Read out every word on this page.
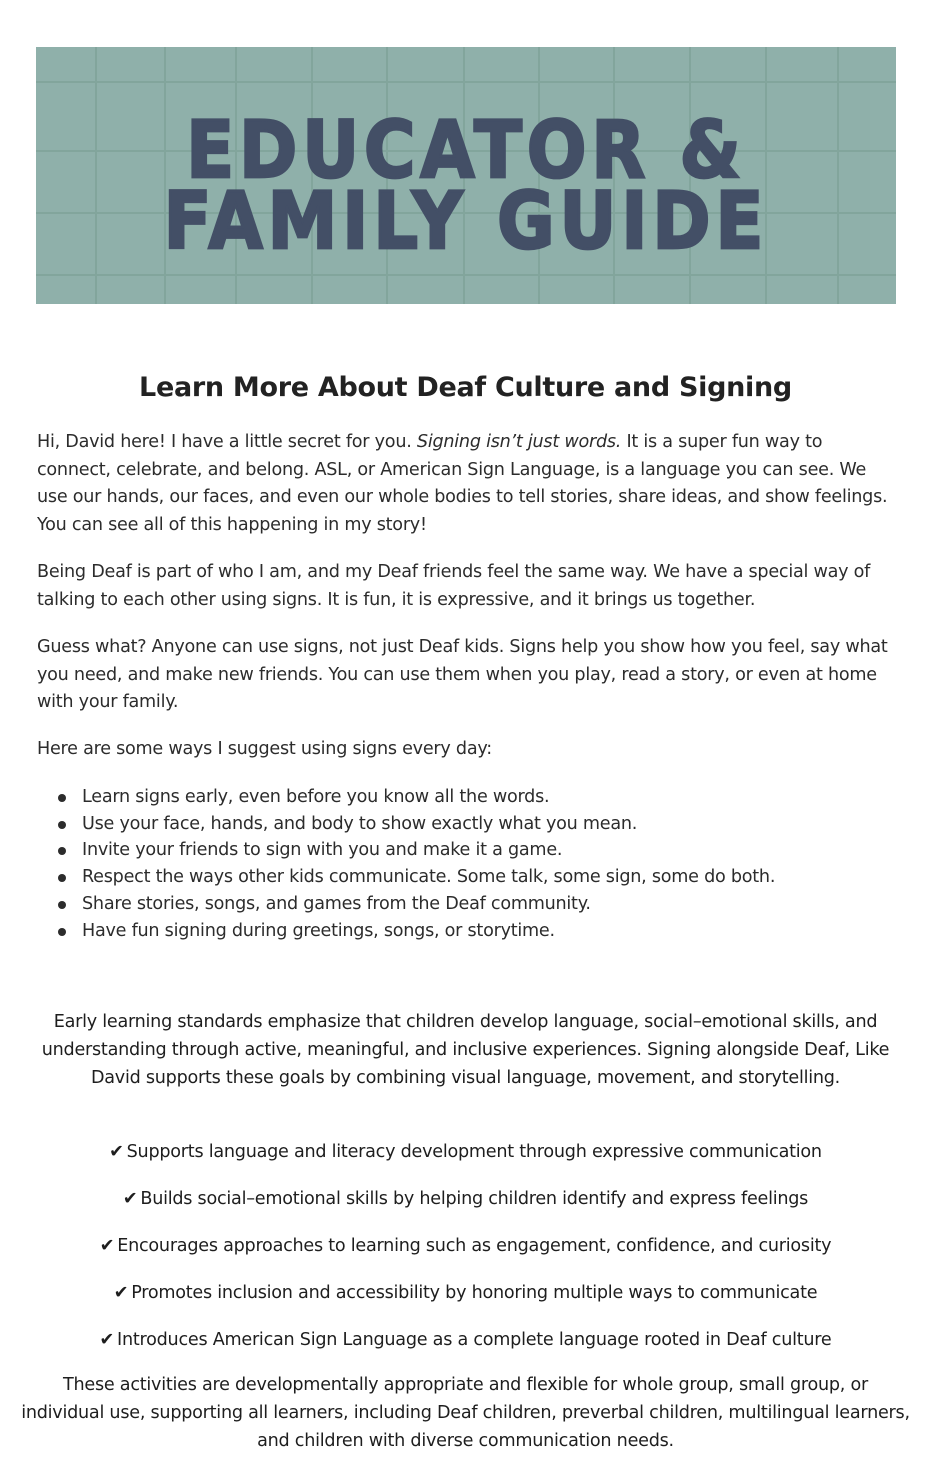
EDUCATOR &
FAMILY GUIDE
Learn More About Deaf Culture and Signing

Hi, David here! I have a little secret for you. Signing isn’t just words. It is a super fun way to connect, celebrate, and belong. ASL, or American Sign Language, is a language you can see. We use our hands, our faces, and even our whole bodies to tell stories, share ideas, and show feelings. You can see all of this happening in my story!

Being Deaf is part of who I am, and my Deaf friends feel the same way. We have a special way of talking to each other using signs. It is fun, it is expressive, and it brings us together.

Guess what? Anyone can use signs, not just Deaf kids. Signs help you show how you feel, say what you need, and make new friends. You can use them when you play, read a story, or even at home with your family.

Here are some ways I suggest using signs every day:

Learn signs early, even before you know all the words.
Use your face, hands, and body to show exactly what you mean.
Invite your friends to sign with you and make it a game.
Respect the ways other kids communicate. Some talk, some sign, some do both.
Share stories, songs, and games from the Deaf community.
Have fun signing during greetings, songs, or storytime.

Early learning standards emphasize that children develop language, social–emotional skills, and understanding through active, meaningful, and inclusive experiences. Signing alongside Deaf, Like David supports these goals by combining visual language, movement, and storytelling.

✔ Supports language and literacy development through expressive communication

✔ Builds social–emotional skills by helping children identify and express feelings

✔ Encourages approaches to learning such as engagement, confidence, and curiosity

✔ Promotes inclusion and accessibility by honoring multiple ways to communicate

✔ Introduces American Sign Language as a complete language rooted in Deaf culture

These activities are developmentally appropriate and flexible for whole group, small group, or individual use, supporting all learners, including Deaf children, preverbal children, multilingual learners, and children with diverse communication needs.
